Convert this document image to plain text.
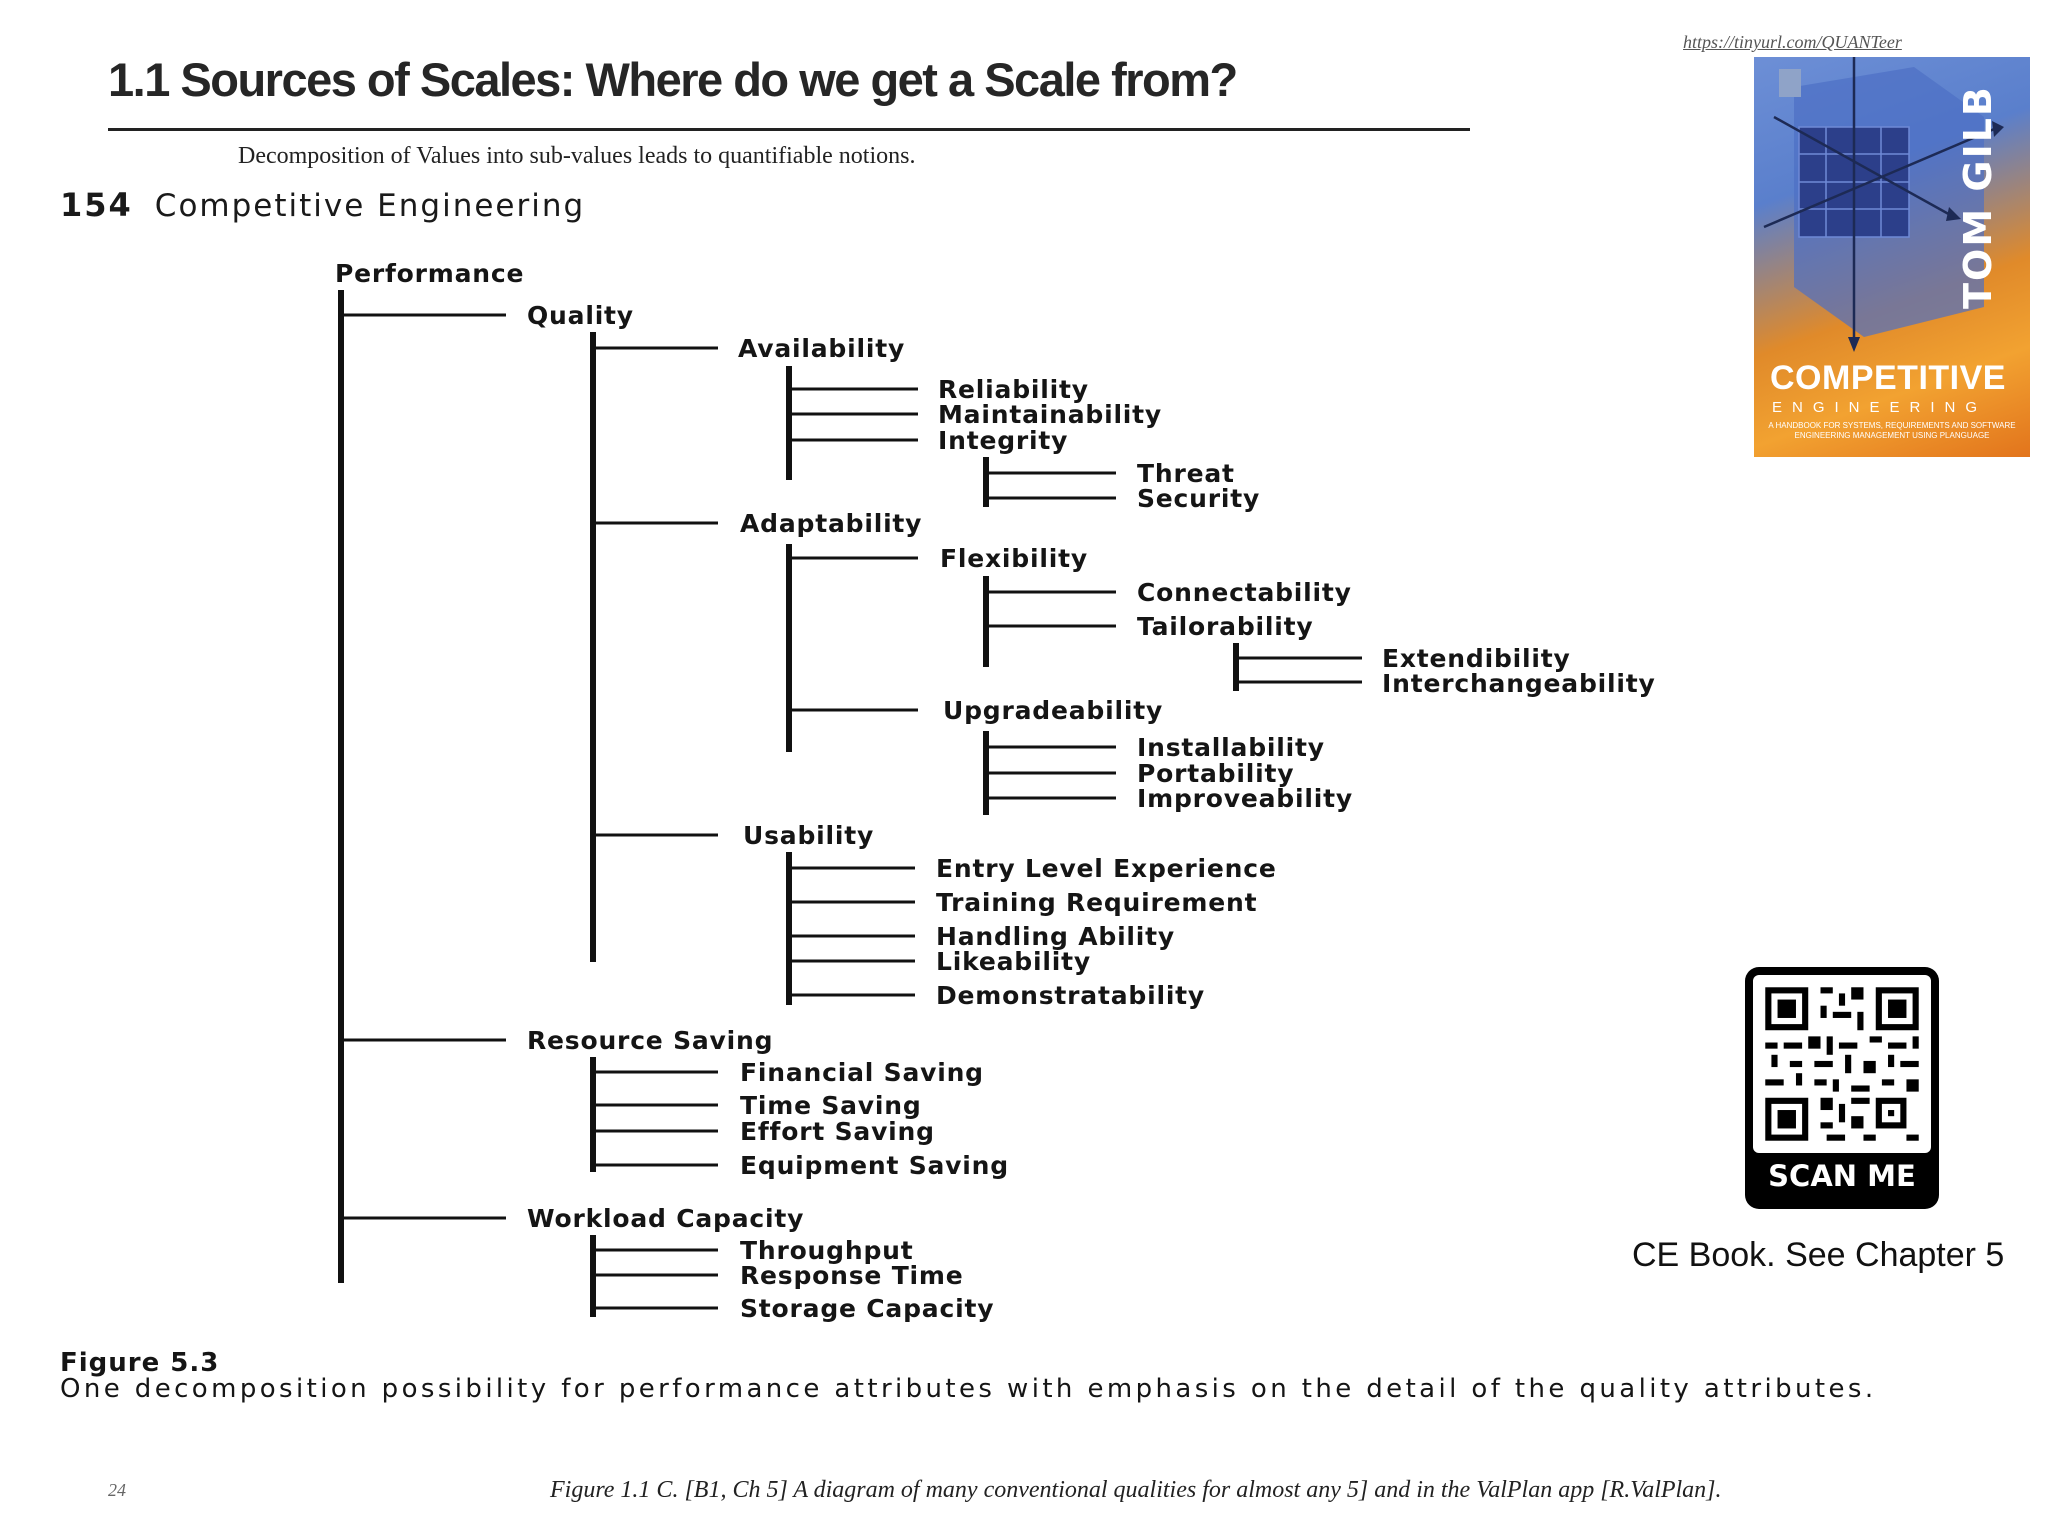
1.1 Sources of Scales: Where do we get a Scale from?
Decomposition of Values into sub-values leads to quantifiable notions.
https://tinyurl.com/QUANTeer
154 Competitive Engineering
Performance
Quality
Availability
Reliability
Maintainability
Integrity
Threat
Security
Adaptability
Flexibility
Connectability
Tailorability
Extendibility
Interchangeability
Upgradeability
Installability
Portability
Improveability
Usability
Entry Level Experience
Training Requirement
Handling Ability
Likeability
Demonstratability
Resource Saving
Financial Saving
Time Saving
Effort Saving
Equipment Saving
Workload Capacity
Throughput
Response Time
Storage Capacity
Figure 5.3
One decomposition possibility for performance attributes with emphasis on the detail of the quality attributes.
24	Figure 1.1 C. [B1, Ch 5] A diagram of many conventional qualities for almost any 5] and in the ValPlan app [R.ValPlan].
TOM GILB
COMPETITIVE
ENGINEERING
A HANDBOOK FOR SYSTEMS, REQUIREMENTS AND SOFTWARE ENGINEERING MANAGEMENT USING PLANGUAGE
SCAN ME
CE Book. See Chapter 5
